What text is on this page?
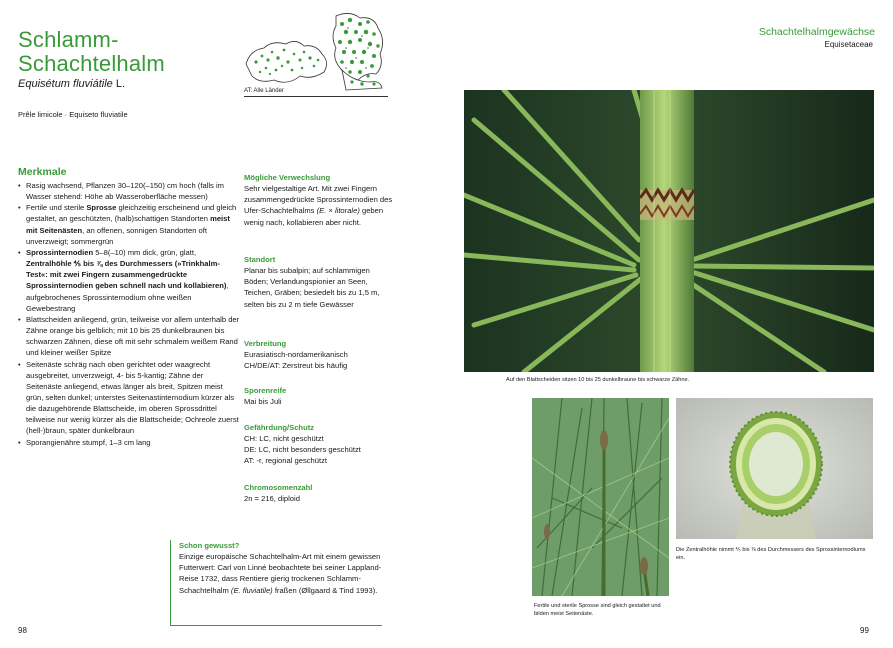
Schlamm-
Schachtelhalm
Equisétum fluviátile L.
Prêle limicole · Equiseto fluviatile
AT: Alle Länder
Merkmale
• Rasig wachsend, Pflanzen 30–120(–150) cm hoch (falls im Wasser stehend: Höhe ab Wasseroberfläche messen)
• Fertile und sterile Sprosse gleichzeitig erscheinend und gleich gestaltet, an geschützten, (halb)schattigen Standorten meist mit Seitenästen, an offenen, sonnigen Standorten oft unverzweigt; sommergrün
• Sprossinternodien 5–8(–10) mm dick, grün, glatt, Zentralhöhle ⅘ bis ⅞ des Durchmessers (»Trinkhalm-Test«: mit zwei Fingern zusammengedrückte Sprossinternodien geben schnell nach und kollabieren), aufgebrochenes Sprossinternodium ohne weißen Gewebestrang
• Blattscheiden anliegend, grün, teilweise vor allem unterhalb der Zähne orange bis gelblich; mit 10 bis 25 dunkelbraunen bis schwarzen Zähnen, diese oft mit sehr schmalem weißem Rand und kleiner weißer Spitze
• Seitenäste schräg nach oben gerichtet oder waagrecht ausgebreitet, unverzweigt, 4- bis 5-kantig; Zähne der Seitenäste anliegend, etwas länger als breit, Spitzen meist grün, selten dunkel; unterstes Seitenastinternodium kürzer als die dazugehörende Blattscheide, im oberen Sprossdrittel teilweise nur wenig kürzer als die Blattscheide; Ochreole zuerst (hell-)braun, später dunkelbraun
• Sporangienähre stumpf, 1–3 cm lang
Mögliche Verwechslung

Sehr vielgestaltige Art. Mit zwei Fingern zusammengedrückte Sprossinternodien des Ufer-Schachtelhalms (E. × litorale) geben wenig nach, kollabieren aber nicht.

Standort

Planar bis subalpin; auf schlammigen Böden; Verlandungspionier an Seen, Teichen, Gräben; besiedelt bis zu 1,5 m, selten bis zu 2 m tiefe Gewässer

Verbreitung

Eurasiatisch-nordamerikanisch

CH/DE/AT: Zerstreut bis häufig

Sporenreife

Mai bis Juli

Gefährdung/Schutz

CH: LC, nicht geschützt

DE: LC, nicht besonders geschützt

AT: -r, regional geschützt

Chromosomenzahl

2n = 216, diploid

Schon gewusst?

Einzige europäische Schachtelhalm-Art mit einem gewissen Futterwert: Carl von Linné beobachtete bei seiner Lappland-Reise 1732, dass Rentiere gierig trockenen Schlamm-Schachtelhalm (E. fluviatile) fraßen (Øllgaard & Tind 1993).

98
Schachtelhalmgewächse
Equisetaceae
Auf den Blattscheiden sitzen 10 bis 25 dunkelbraune bis schwarze Zähne.
Fertile und sterile Sprosse sind gleich gestaltet und bilden meist Seitenäste.
Die Zentralhöhle nimmt ⅘ bis ⅞ des Durchmessers des Sprossinternodiums ein.
99
